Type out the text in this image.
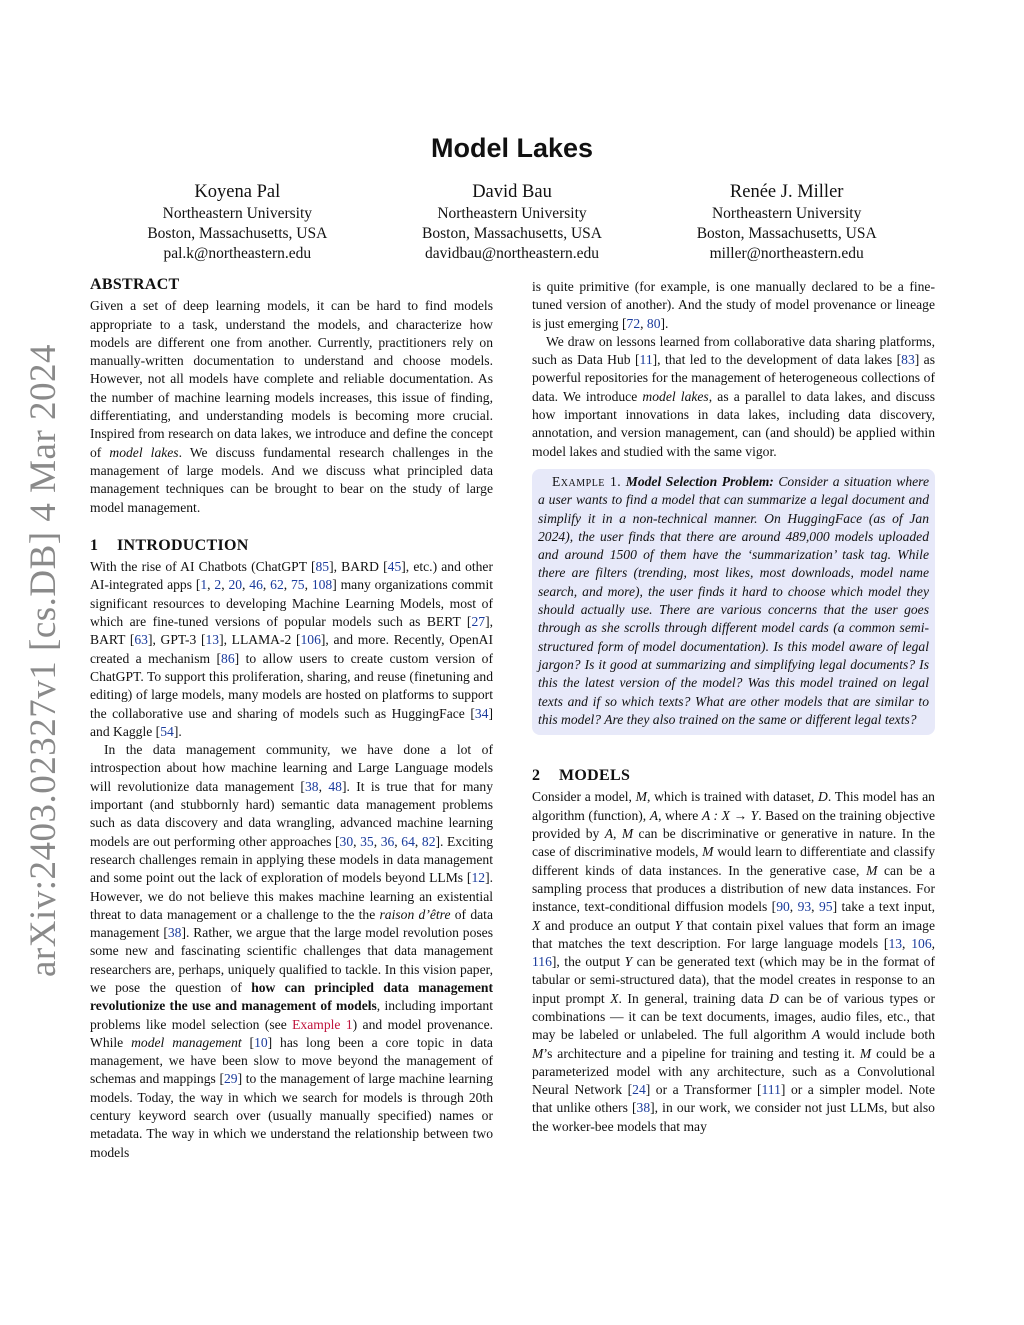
arXiv:2403.02327v1 [cs.DB] 4 Mar 2024
Model Lakes
Koyena Pal
Northeastern University
Boston, Massachusetts, USA
pal.k@northeastern.edu
David Bau
Northeastern University
Boston, Massachusetts, USA
davidbau@northeastern.edu
Renée J. Miller
Northeastern University
Boston, Massachusetts, USA
miller@northeastern.edu
ABSTRACT

Given a set of deep learning models, it can be hard to find models appropriate to a task, understand the models, and characterize how models are different one from another. Currently, practitioners rely on manually-written documentation to understand and choose models. However, not all models have complete and reliable documentation. As the number of machine learning models increases, this issue of finding, differentiating, and understanding models is becoming more crucial. Inspired from research on data lakes, we introduce and define the concept of model lakes. We discuss fundamental research challenges in the management of large models. And we discuss what principled data management techniques can be brought to bear on the study of large model management.

1 INTRODUCTION

With the rise of AI Chatbots (ChatGPT [85], BARD [45], etc.) and other AI-integrated apps [1, 2, 20, 46, 62, 75, 108] many organizations commit significant resources to developing Machine Learning Models, most of which are fine-tuned versions of popular models such as BERT [27], BART [63], GPT-3 [13], LLAMA-2 [106], and more. Recently, OpenAI created a mechanism [86] to allow users to create custom version of ChatGPT. To support this proliferation, sharing, and reuse (finetuning and editing) of large models, many models are hosted on platforms to support the collaborative use and sharing of models such as HuggingFace [34] and Kaggle [54].

In the data management community, we have done a lot of introspection about how machine learning and Large Language models will revolutionize data management [38, 48]. It is true that for many important (and stubbornly hard) semantic data management problems such as data discovery and data wrangling, advanced machine learning models are out performing other approaches [30, 35, 36, 64, 82]. Exciting research challenges remain in applying these models in data management and some point out the lack of exploration of models beyond LLMs [12]. However, we do not believe this makes machine learning an existential threat to data management or a challenge to the the raison d’être of data management [38]. Rather, we argue that the large model revolution poses some new and fascinating scientific challenges that data management researchers are, perhaps, uniquely qualified to tackle. In this vision paper, we pose the question of how can principled data management revolutionize the use and management of models, including important problems like model selection (see Example 1) and model provenance. While model management [10] has long been a core topic in data management, we have been slow to move beyond the management of schemas and mappings [29] to the management of large machine learning models. Today, the way in which we search for models is through 20th century keyword search over (usually manually specified) names or metadata. The way in which we understand the relationship between two models

is quite primitive (for example, is one manually declared to be a fine-tuned version of another). And the study of model provenance or lineage is just emerging [72, 80].

We draw on lessons learned from collaborative data sharing platforms, such as Data Hub [11], that led to the development of data lakes [83] as powerful repositories for the management of heterogeneous collections of data. We introduce model lakes, as a parallel to data lakes, and discuss how important innovations in data lakes, including data discovery, annotation, and version management, can (and should) be applied within model lakes and studied with the same vigor.

Example 1. Model Selection Problem: Consider a situation where a user wants to find a model that can summarize a legal document and simplify it in a non-technical manner. On HuggingFace (as of Jan 2024), the user finds that there are around 489,000 models uploaded and around 1500 of them have the ‘summarization’ task tag. While there are filters (trending, most likes, most downloads, model name search, and more), the user finds it hard to choose which model they should actually use. There are various concerns that the user goes through as she scrolls through different model cards (a common semi-structured form of model documentation). Is this model aware of legal jargon? Is it good at summarizing and simplifying legal documents? Is this the latest version of the model? Was this model trained on legal texts and if so which texts? What are other models that are similar to this model? Are they also trained on the same or different legal texts?
2 MODELS

Consider a model, M, which is trained with dataset, D. This model has an algorithm (function), A, where A : X → Y. Based on the training objective provided by A, M can be discriminative or generative in nature. In the case of discriminative models, M would learn to differentiate and classify different kinds of data instances. In the generative case, M can be a sampling process that produces a distribution of new data instances. For instance, text-conditional diffusion models [90, 93, 95] take a text input, X and produce an output Y that contain pixel values that form an image that matches the text description. For large language models [13, 106, 116], the output Y can be generated text (which may be in the format of tabular or semi-structured data), that the model creates in response to an input prompt X. In general, training data D can be of various types or combinations — it can be text documents, images, audio files, etc., that may be labeled or unlabeled. The full algorithm A would include both M’s architecture and a pipeline for training and testing it. M could be a parameterized model with any architecture, such as a Convolutional Neural Network [24] or a Transformer [111] or a simpler model. Note that unlike others [38], in our work, we consider not just LLMs, but also the worker-bee models that may
